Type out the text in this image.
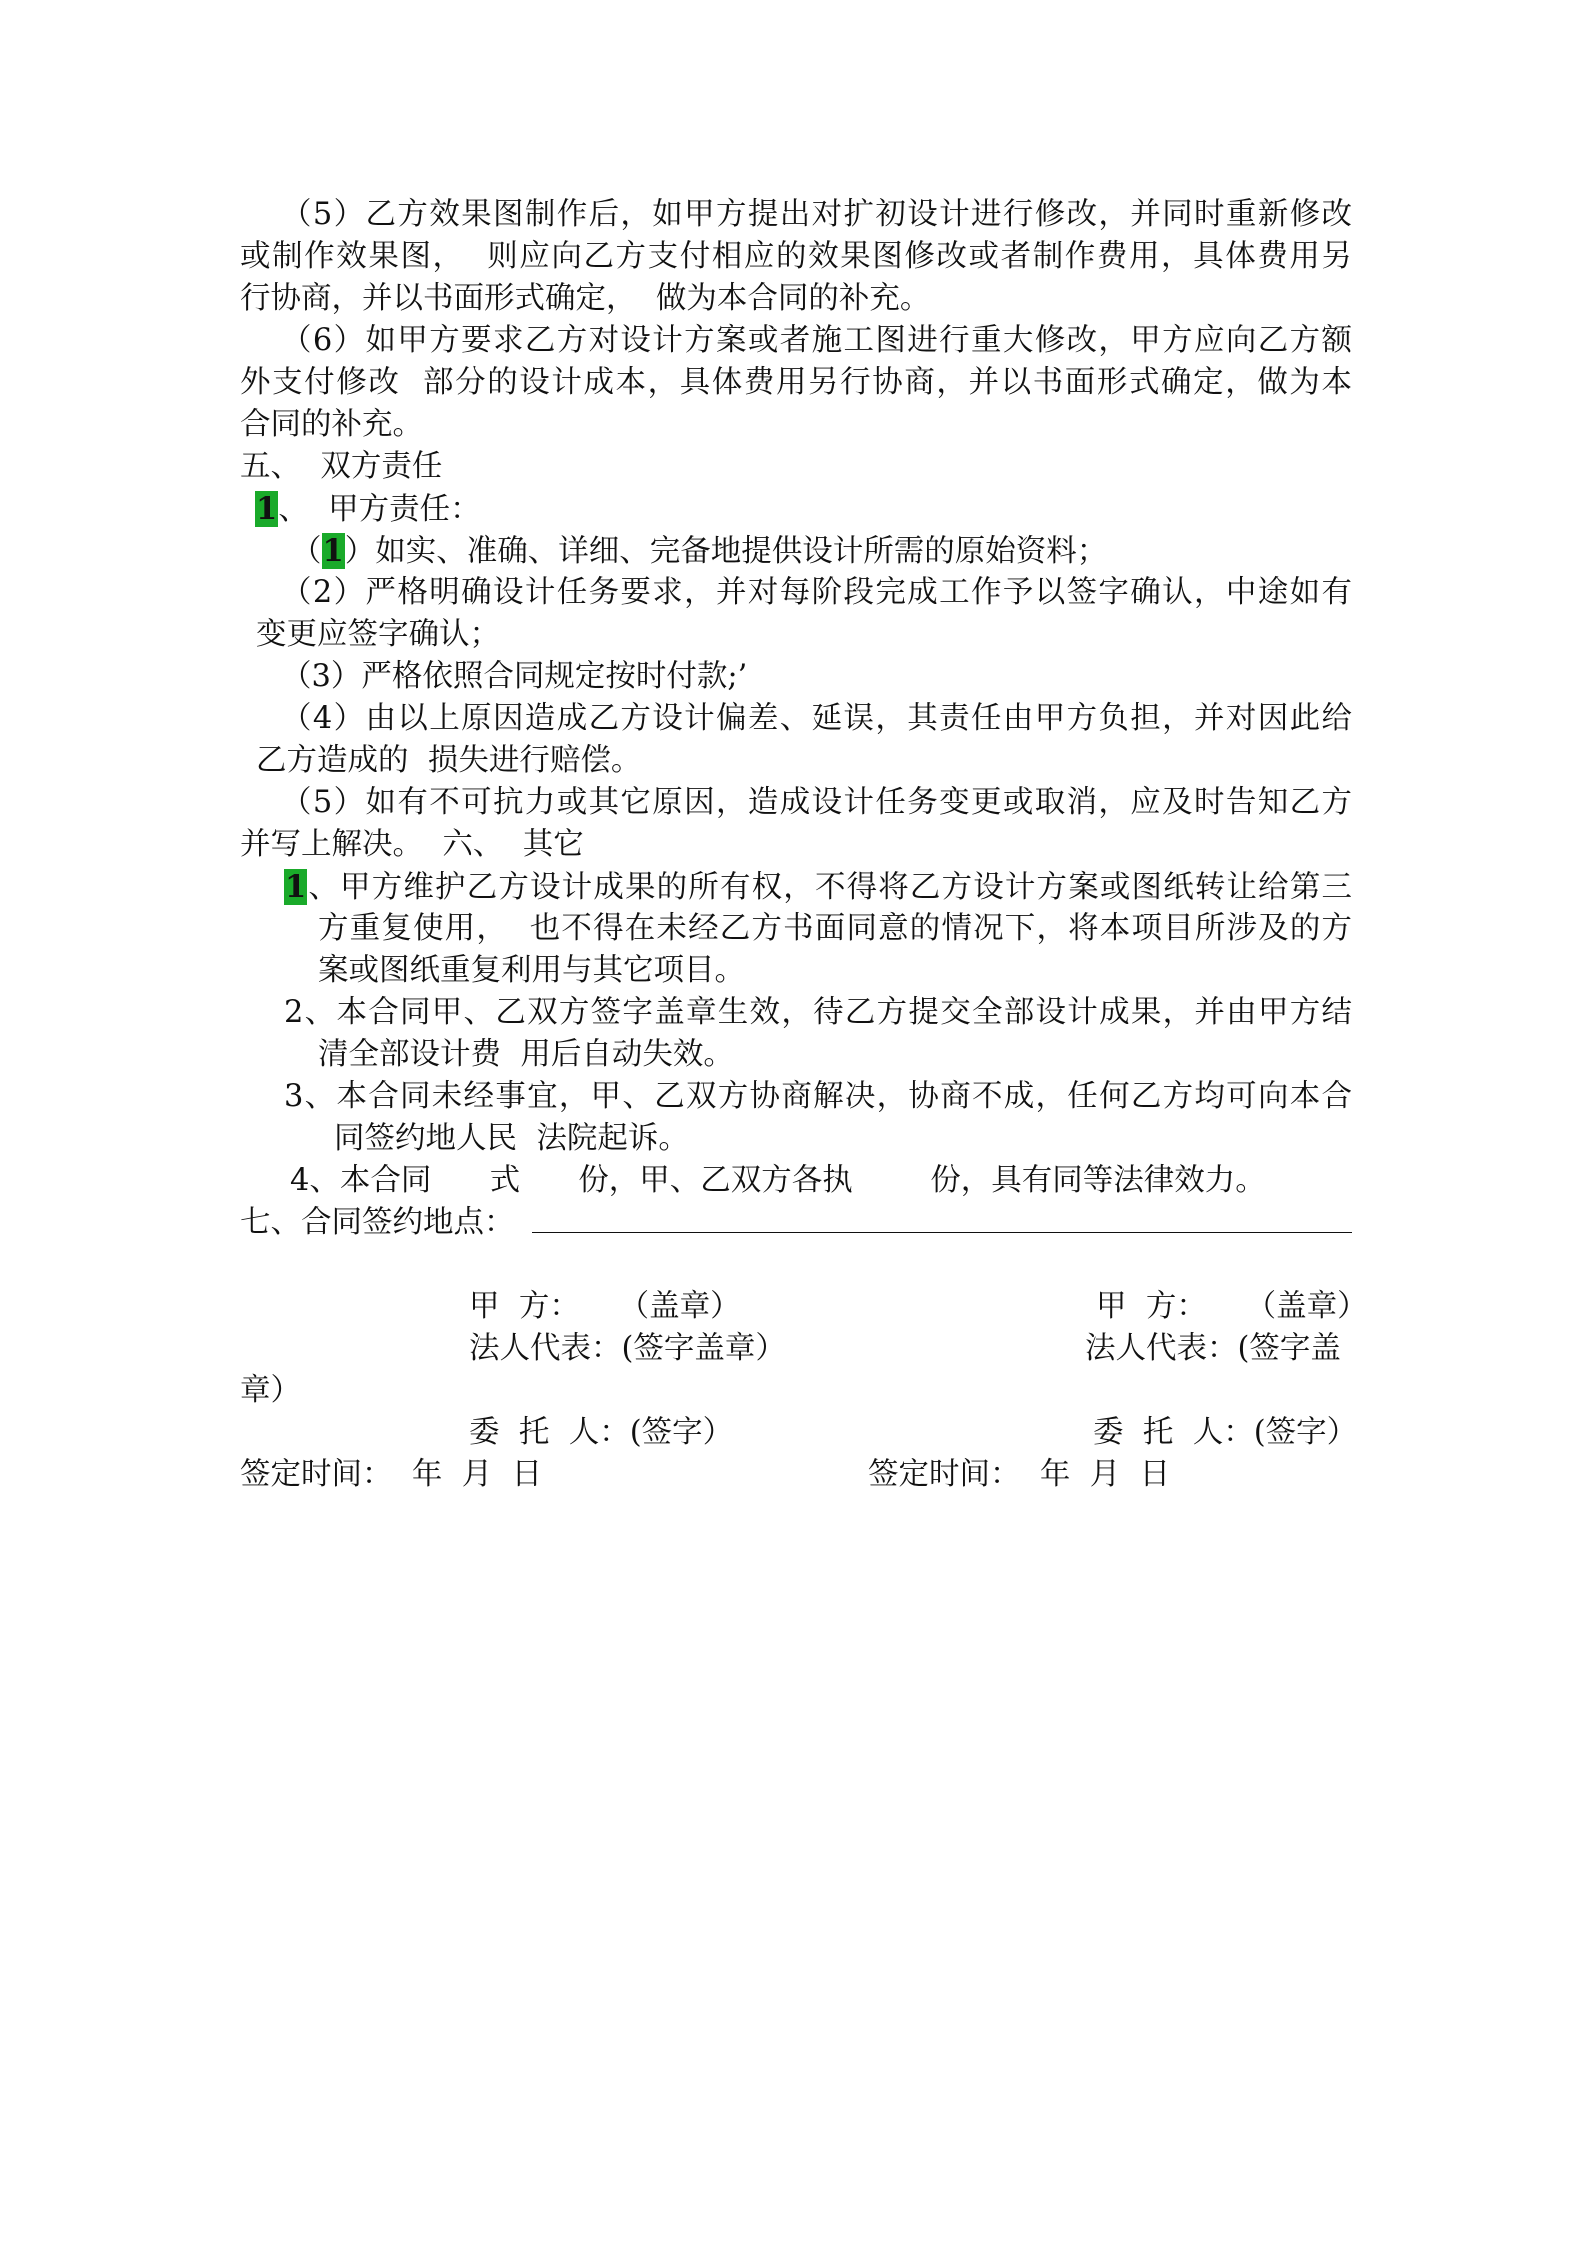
（5）乙方效果图制作后，如甲方提出对扩初设计进行修改，并同时重新修改
或制作效果图，  则应向乙方支付相应的效果图修改或者制作费用，具体费用另
行协商，并以书面形式确定，  做为本合同的补充。
（6）如甲方要求乙方对设计方案或者施工图进行重大修改，甲方应向乙方额
外支付修改  部分的设计成本，具体费用另行协商，并以书面形式确定，做为本
合同的补充。
五、  双方责任
1、  甲方责任：
（1）如实、准确、详细、完备地提供设计所需的原始资料；
（2）严格明确设计任务要求，并对每阶段完成工作予以签字确认，中途如有
变更应签字确认；
（3）严格依照合同规定按时付款;’
（4）由以上原因造成乙方设计偏差、延误，其责任由甲方负担，并对因此给
乙方造成的  损失进行赔偿。
（5）如有不可抗力或其它原因，造成设计任务变更或取消，应及时告知乙方
并写上解决。  六、  其它
1、甲方维护乙方设计成果的所有权，不得将乙方设计方案或图纸转让给第三
方重复使用，  也不得在未经乙方书面同意的情况下，将本项目所涉及的方
案或图纸重复利用与其它项目。
2、本合同甲、乙双方签字盖章生效，待乙方提交全部设计成果，并由甲方结
清全部设计费  用后自动失效。
3、本合同未经事宜，甲、乙双方协商解决，协商不成，任何乙方均可向本合
同签约地人民  法院起诉。
4、本合同      式      份，甲、乙双方各执        份，具有同等法律效力。
七、合同签约地点：
甲  方：    （盖章）	甲  方：    （盖章）
法人代表：(签字盖章）	法人代表：(签字盖
章）
委  托  人：(签字）	委  托  人：(签字）
签定时间：  年  月  日	签定时间：  年  月  日
